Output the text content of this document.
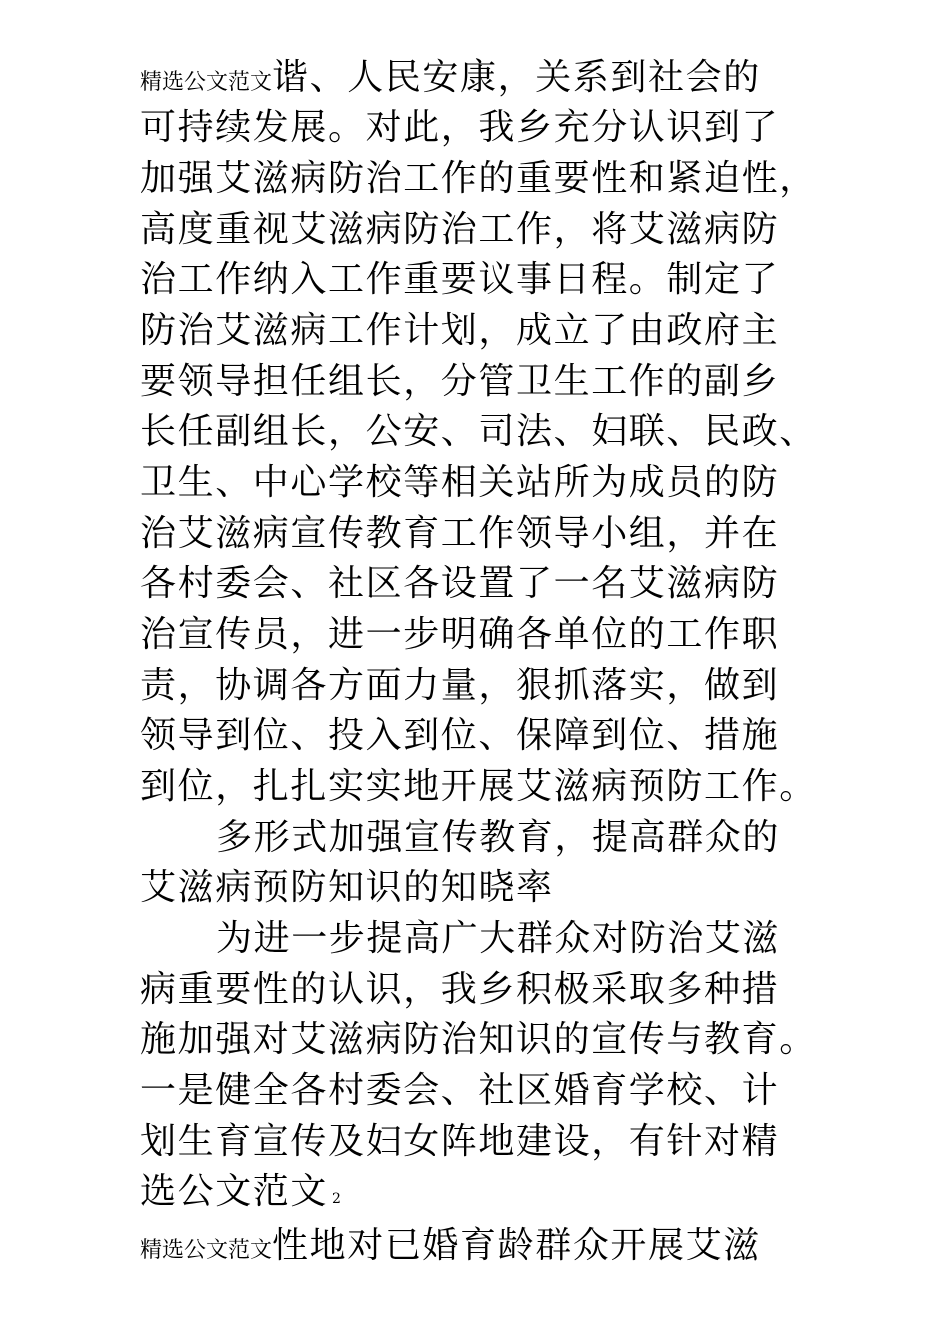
精选公文范文谐、人民安康，关系到社会的
可持续发展。对此，我乡充分认识到了
加强艾滋病防治工作的重要性和紧迫性，
高度重视艾滋病防治工作，将艾滋病防
治工作纳入工作重要议事日程。制定了
防治艾滋病工作计划，成立了由政府主
要领导担任组长，分管卫生工作的副乡
长任副组长，公安、司法、妇联、民政、
卫生、中心学校等相关站所为成员的防
治艾滋病宣传教育工作领导小组，并在
各村委会、社区各设置了一名艾滋病防
治宣传员，进一步明确各单位的工作职
责，协调各方面力量，狠抓落实，做到
领导到位、投入到位、保障到位、措施
到位，扎扎实实地开展艾滋病预防工作。
多形式加强宣传教育，提高群众的
艾滋病预防知识的知晓率
为进一步提高广大群众对防治艾滋
病重要性的认识，我乡积极采取多种措
施加强对艾滋病防治知识的宣传与教育。
一是健全各村委会、社区婚育学校、计
划生育宣传及妇女阵地建设，有针对精
选公文范文 2
精选公文范文性地对已婚育龄群众开展艾滋
